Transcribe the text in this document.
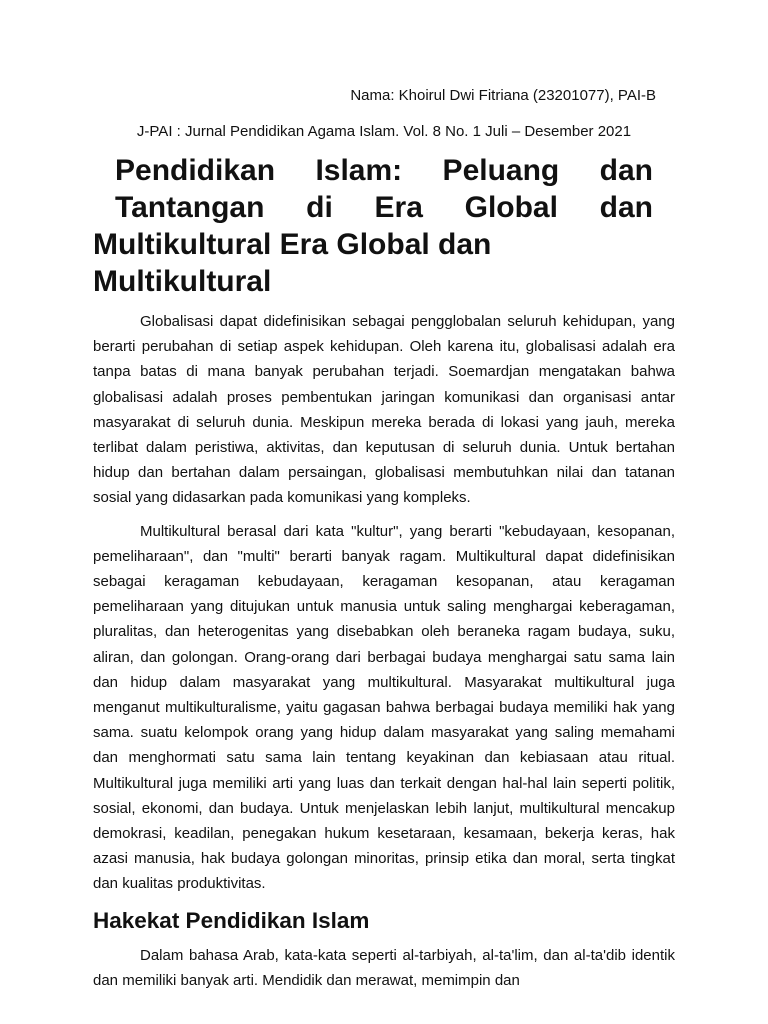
Nama: Khoirul Dwi Fitriana (23201077), PAI-B

J-PAI : Jurnal Pendidikan Agama Islam. Vol. 8 No. 1 Juli – Desember 2021

Pendidikan Islam: Peluang dan Tantangan di Era Global dan
Multikultural Era Global dan Multikultural

Globalisasi dapat didefinisikan sebagai pengglobalan seluruh kehidupan, yang berarti perubahan di setiap aspek kehidupan. Oleh karena itu, globalisasi adalah era tanpa batas di mana banyak perubahan terjadi. Soemardjan mengatakan bahwa globalisasi adalah proses pembentukan jaringan komunikasi dan organisasi antar masyarakat di seluruh dunia. Meskipun mereka berada di lokasi yang jauh, mereka terlibat dalam peristiwa, aktivitas, dan keputusan di seluruh dunia. Untuk bertahan hidup dan bertahan dalam persaingan, globalisasi membutuhkan nilai dan tatanan sosial yang didasarkan pada komunikasi yang kompleks.

Multikultural berasal dari kata "kultur", yang berarti "kebudayaan, kesopanan, pemeliharaan", dan "multi" berarti banyak ragam. Multikultural dapat didefinisikan sebagai keragaman kebudayaan, keragaman kesopanan, atau keragaman pemeliharaan yang ditujukan untuk manusia untuk saling menghargai keberagaman, pluralitas, dan heterogenitas yang disebabkan oleh beraneka ragam budaya, suku, aliran, dan golongan. Orang-orang dari berbagai budaya menghargai satu sama lain dan hidup dalam masyarakat yang multikultural. Masyarakat multikultural juga menganut multikulturalisme, yaitu gagasan bahwa berbagai budaya memiliki hak yang sama. suatu kelompok orang yang hidup dalam masyarakat yang saling memahami dan menghormati satu sama lain tentang keyakinan dan kebiasaan atau ritual. Multikultural juga memiliki arti yang luas dan terkait dengan hal-hal lain seperti politik, sosial, ekonomi, dan budaya. Untuk menjelaskan lebih lanjut, multikultural mencakup demokrasi, keadilan, penegakan hukum kesetaraan, kesamaan, bekerja keras, hak azasi manusia, hak budaya golongan minoritas, prinsip etika dan moral, serta tingkat dan kualitas produktivitas.

Hakekat Pendidikan Islam

Dalam bahasa Arab, kata-kata seperti al-tarbiyah, al-ta'lim, dan al-ta'dib identik dan memiliki banyak arti. Mendidik dan merawat, memimpin dan
